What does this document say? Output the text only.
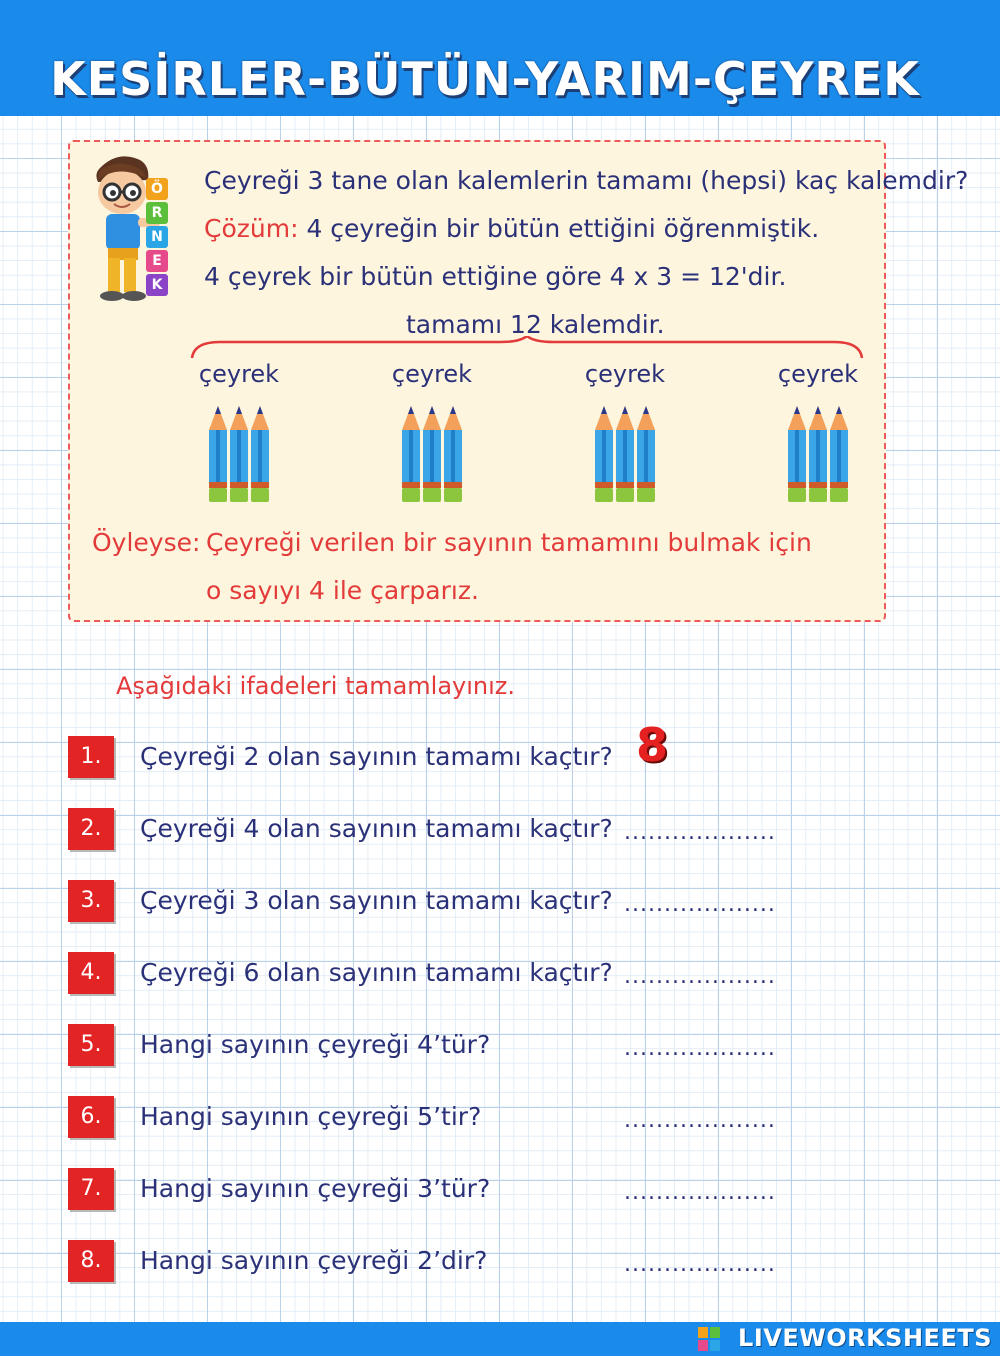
KESİRLER-BÜTÜN-YARIM-ÇEYREK
Ö
R
N
E
K
Çeyreği 3 tane olan kalemlerin tamamı (hepsi) kaç kalemdir?
Çözüm: 4 çeyreğin bir bütün ettiğini öğrenmiştik.
4 çeyrek bir bütün ettiğine göre 4 x 3 = 12'dir.
tamamı 12 kalemdir.
çeyrek	çeyrek	çeyrek	çeyrek
Öyleyse: Çeyreği verilen bir sayının tamamını bulmak için
o sayıyı 4 ile çarparız.
Aşağıdaki ifadeleri tamamlayınız.
1.	Çeyreği 2 olan sayının tamamı kaçtır? 8
2.	Çeyreği 4 olan sayının tamamı kaçtır? ...................
3.	Çeyreği 3 olan sayının tamamı kaçtır? ...................
4.	Çeyreği 6 olan sayının tamamı kaçtır? ...................
5.	Hangi sayının çeyreği 4’tür?	...................
6.	Hangi sayının çeyreği 5’tir?	...................
7.	Hangi sayının çeyreği 3’tür?	...................
8.	Hangi sayının çeyreği 2’dir?	...................
LIVEWORKSHEETS
